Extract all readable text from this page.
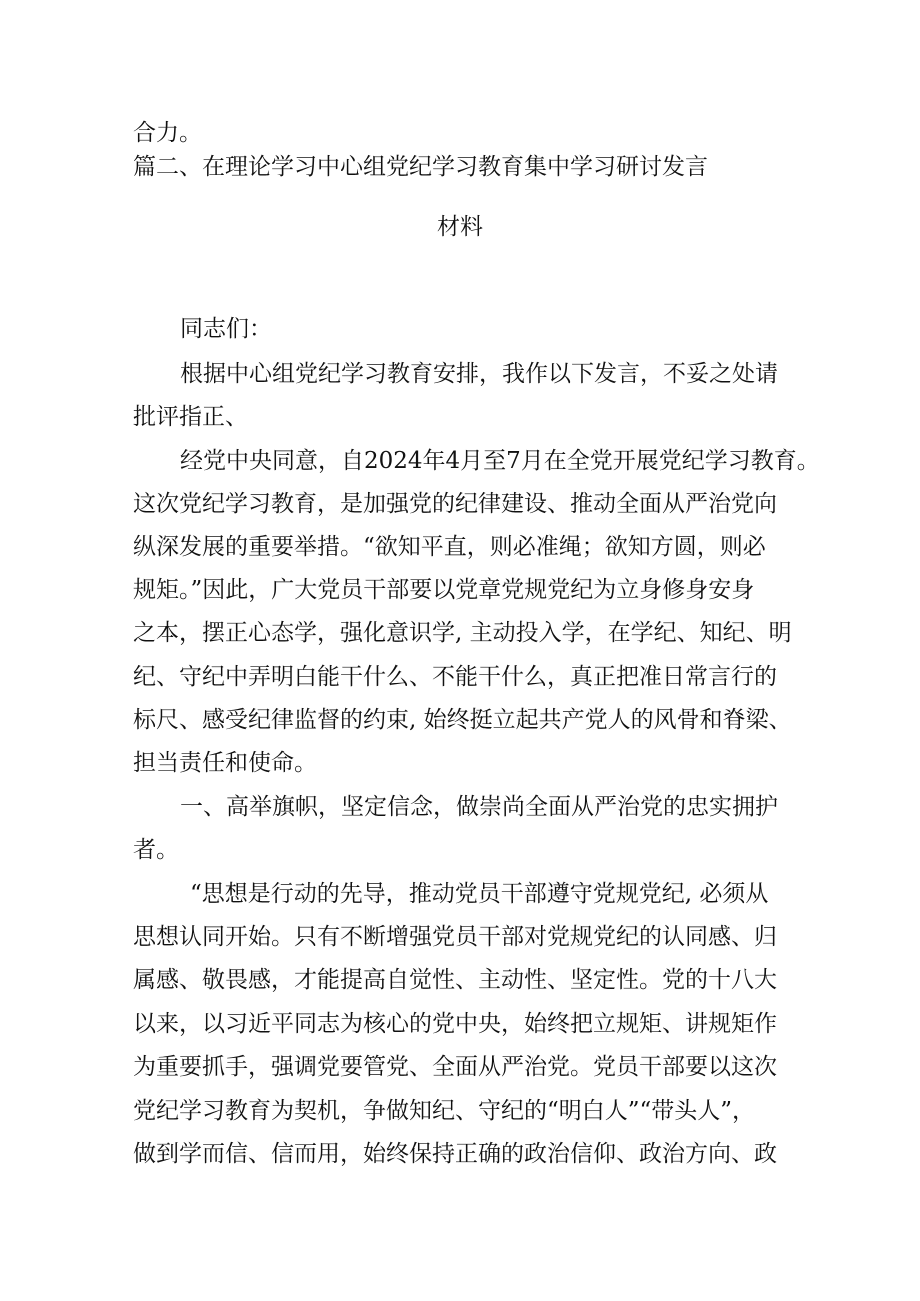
合力。
篇二、在理论学习中心组党纪学习教育集中学习研讨发言
材料
同志们：
根据中心组党纪学习教育安排，我作以下发言，不妥之处请
批评指正、
经党中央同意，自2024年4月至7月在全党开展党纪学习教育。
这次党纪学习教育，是加强党的纪律建设、推动全面从严治党向
纵深发展的重要举措。“欲知平直，则必准绳；欲知方圆，则必
规矩。”因此，广大党员干部要以党章党规党纪为立身修身安身
之本，摆正心态学，强化意识学, 主动投入学，在学纪、知纪、明
纪、守纪中弄明白能干什么、不能干什么，真正把准日常言行的
标尺、感受纪律监督的约束, 始终挺立起共产党人的风骨和脊梁、
担当责任和使命。
一、高举旗帜，坚定信念，做崇尚全面从严治党的忠实拥护
者。
“思想是行动的先导，推动党员干部遵守党规党纪, 必须从
思想认同开始。只有不断增强党员干部对党规党纪的认同感、归
属感、敬畏感，才能提高自觉性、主动性、坚定性。党的十八大
以来，以习近平同志为核心的党中央，始终把立规矩、讲规矩作
为重要抓手，强调党要管党、全面从严治党。党员干部要以这次
党纪学习教育为契机，争做知纪、守纪的“明白人”“带头人”，
做到学而信、信而用，始终保持正确的政治信仰、政治方向、政
